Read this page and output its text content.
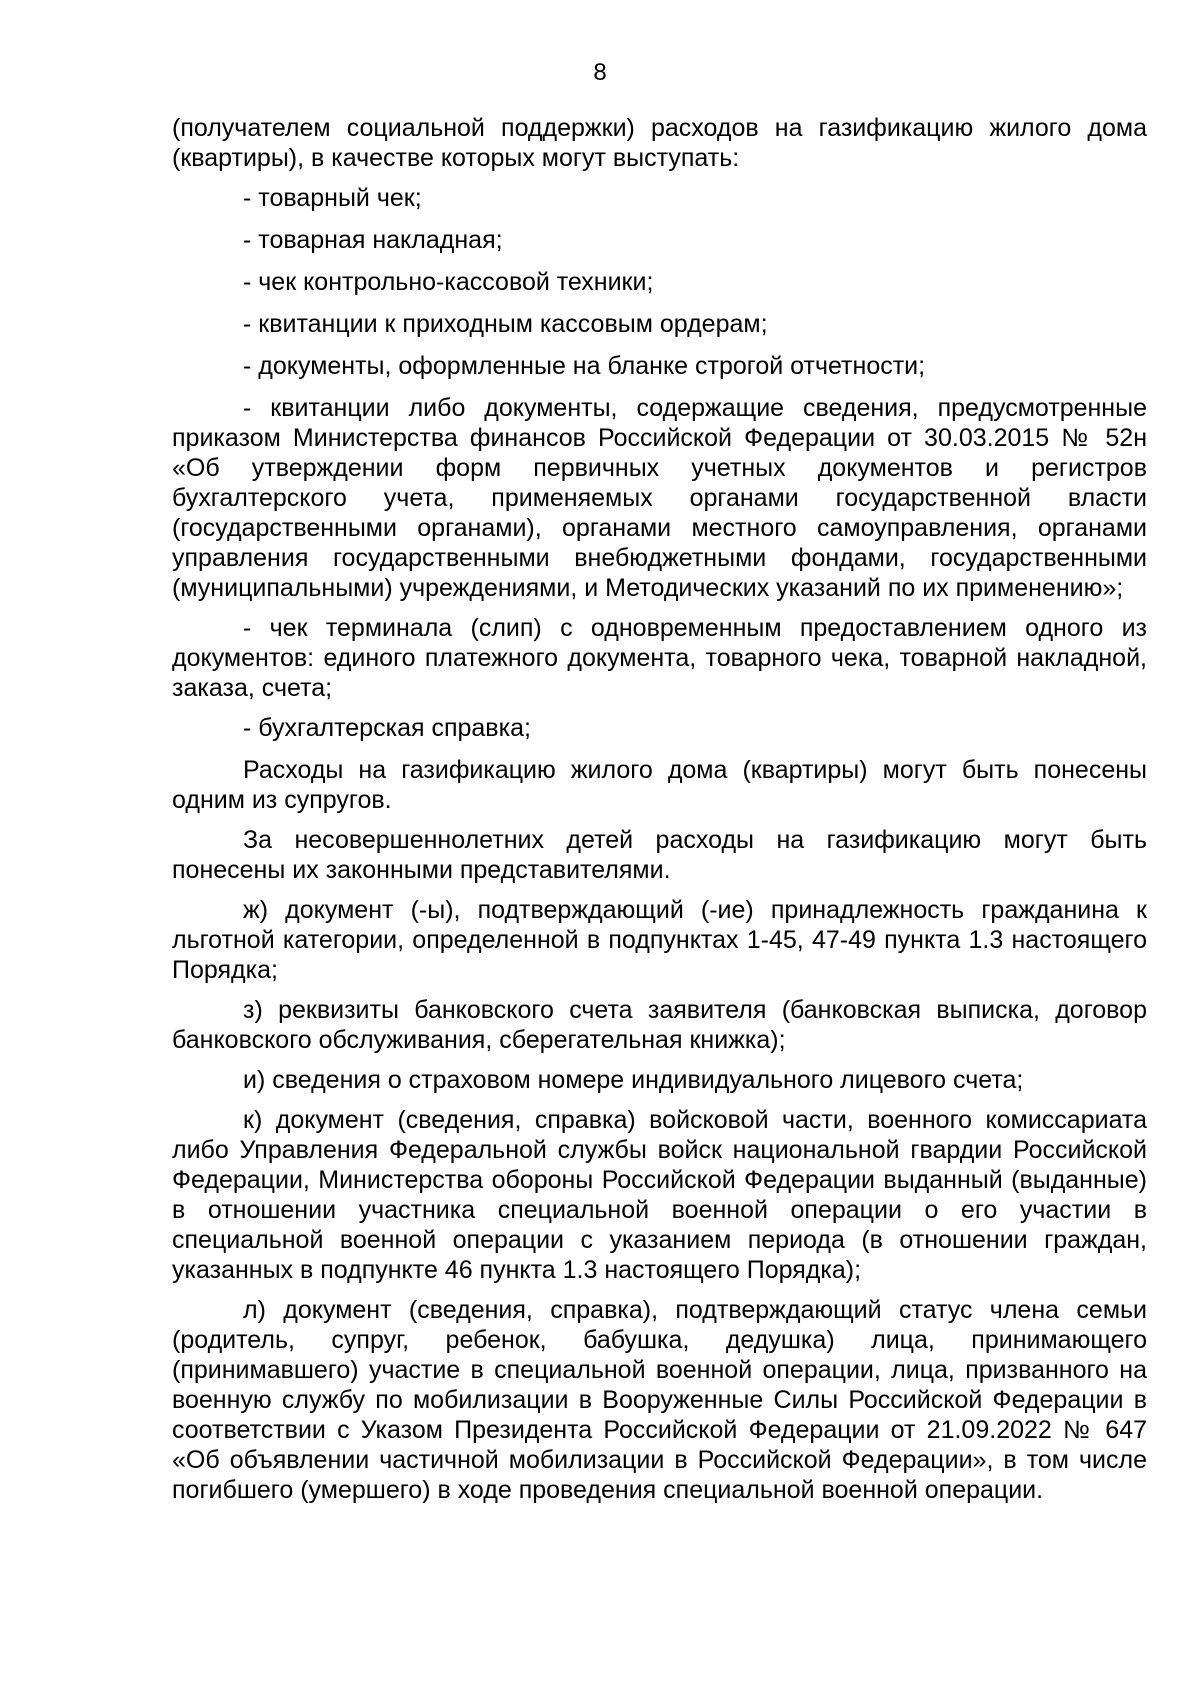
8

(получателем социальной поддержки) расходов на газификацию жилого дома (квартиры), в качестве которых могут выступать:

- товарный чек;

- товарная накладная;

- чек контрольно-кассовой техники;

- квитанции к приходным кассовым ордерам;

- документы, оформленные на бланке строгой отчетности;

- квитанции либо документы, содержащие сведения, предусмотренные приказом Министерства финансов Российской Федерации от 30.03.2015 № 52н «Об утверждении форм первичных учетных документов и регистров бухгалтерского учета, применяемых органами государственной власти (государственными органами), органами местного самоуправления, органами управления государственными внебюджетными фондами, государственными (муниципальными) учреждениями, и Методических указаний по их применению»;

- чек терминала (слип) с одновременным предоставлением одного из документов: единого платежного документа, товарного чека, товарной накладной, заказа, счета;

- бухгалтерская справка;

Расходы на газификацию жилого дома (квартиры) могут быть понесены одним из супругов.

За несовершеннолетних детей расходы на газификацию могут быть понесены их законными представителями.

ж) документ (-ы), подтверждающий (-ие) принадлежность гражданина к льготной категории, определенной в подпунктах 1-45, 47-49 пункта 1.3 настоящего Порядка;

з) реквизиты банковского счета заявителя (банковская выписка, договор банковского обслуживания, сберегательная книжка);

и) сведения о страховом номере индивидуального лицевого счета;

к) документ (сведения, справка) войсковой части, военного комиссариата либо Управления Федеральной службы войск национальной гвардии Российской Федерации, Министерства обороны Российской Федерации выданный (выданные) в отношении участника специальной военной операции о его участии в специальной военной операции с указанием периода (в отношении граждан, указанных в подпункте 46 пункта 1.3 настоящего Порядка);

л) документ (сведения, справка), подтверждающий статус члена семьи (родитель, супруг, ребенок, бабушка, дедушка) лица, принимающего (принимавшего) участие в специальной военной операции, лица, призванного на военную службу по мобилизации в Вооруженные Силы Российской Федерации в соответствии с Указом Президента Российской Федерации от 21.09.2022 № 647 «Об объявлении частичной мобилизации в Российской Федерации», в том числе погибшего (умершего) в ходе проведения специальной военной операции.
